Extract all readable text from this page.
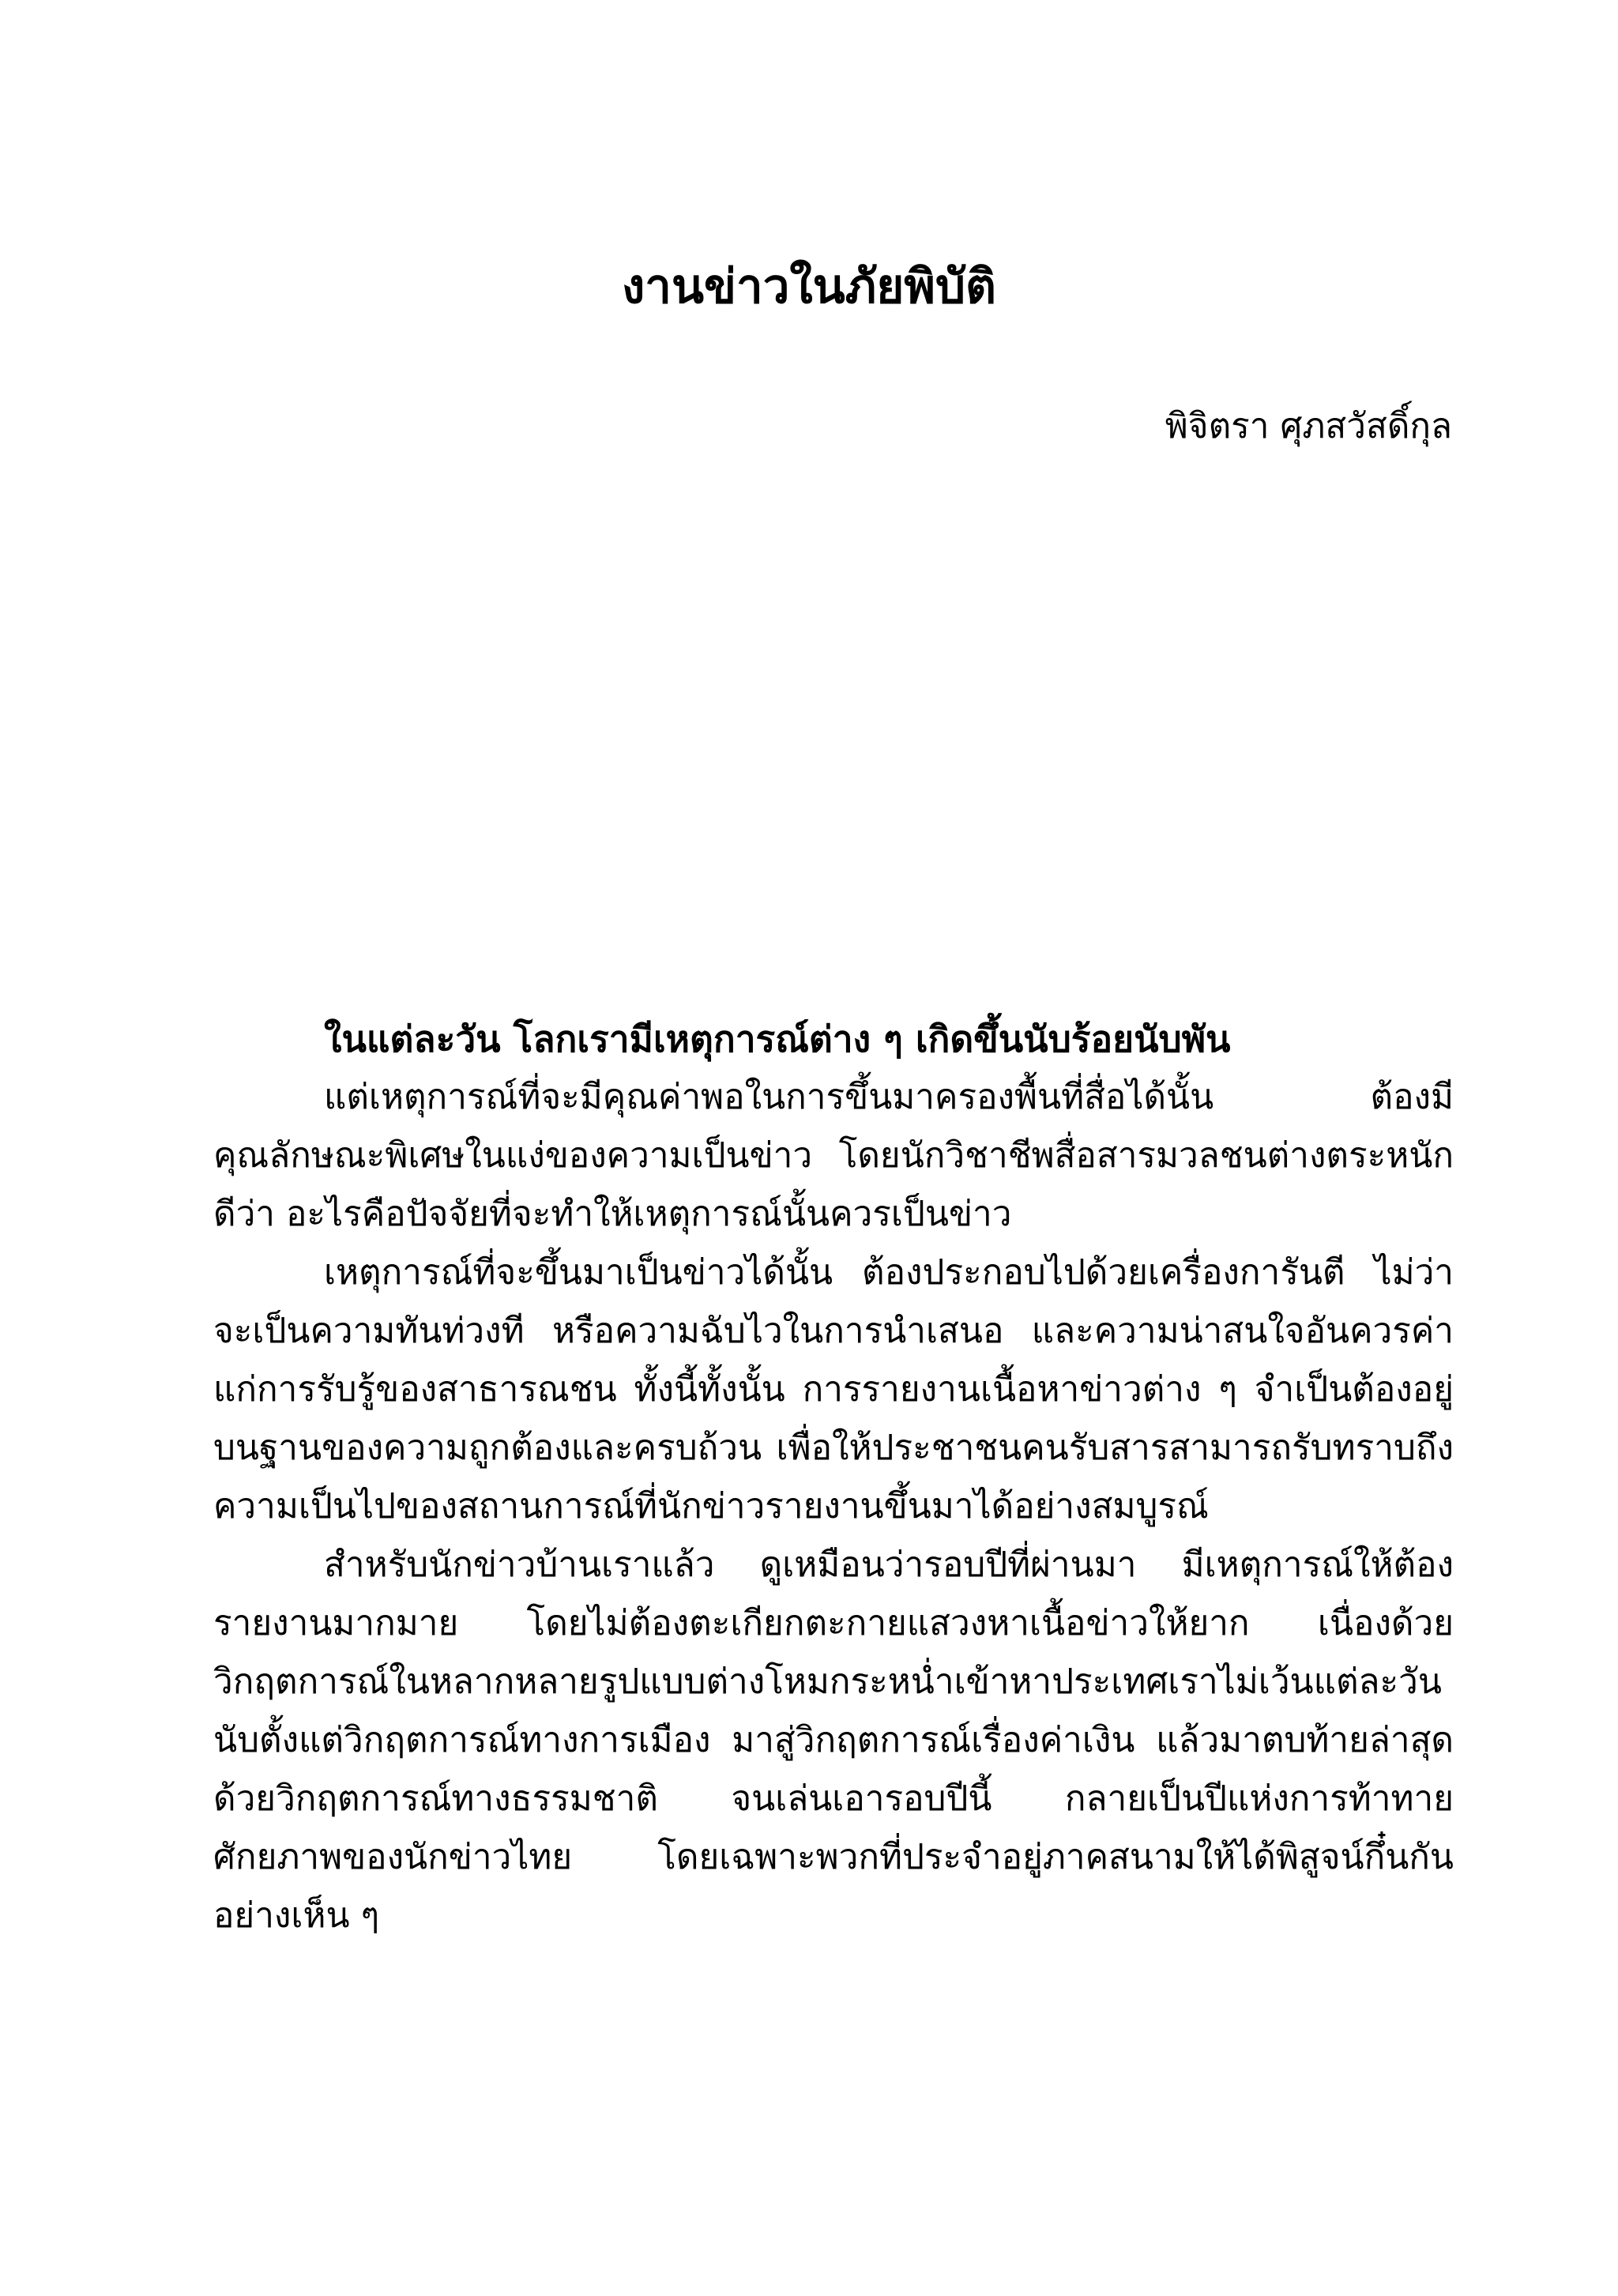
งานข่าวในภัยพิบัติ

พิจิตรา ศุภสวัสดิ์กุล

ในแต่ละวัน โลกเรามีเหตุการณ์ต่าง ๆ เกิดขึ้นนับร้อยนับพัน

แต่เหตุการณ์ที่จะมีคุณค่าพอในการขึ้นมาครองพื้นที่สื่อได้นั้น ต้องมีคุณลักษณะพิเศษในแง่ของความเป็นข่าว โดยนักวิชาชีพสื่อสารมวลชนต่างตระหนักดีว่า อะไรคือปัจจัยที่จะทำให้เหตุการณ์นั้นควรเป็นข่าว

เหตุการณ์ที่จะขึ้นมาเป็นข่าวได้นั้น ต้องประกอบไปด้วยเครื่องการันตี ไม่ว่าจะเป็นความทันท่วงที หรือความฉับไวในการนำเสนอ และความน่าสนใจอันควรค่าแก่การรับรู้ของสาธารณชน ทั้งนี้ทั้งนั้น การรายงานเนื้อหาข่าวต่าง ๆ จำเป็นต้องอยู่บนฐานของความถูกต้องและครบถ้วน เพื่อให้ประชาชนคนรับสารสามารถรับทราบถึงความเป็นไปของสถานการณ์ที่นักข่าวรายงานขึ้นมาได้อย่างสมบูรณ์

สำหรับนักข่าวบ้านเราแล้ว ดูเหมือนว่ารอบปีที่ผ่านมา มีเหตุการณ์ให้ต้องรายงานมากมาย โดยไม่ต้องตะเกียกตะกายแสวงหาเนื้อข่าวให้ยาก เนื่องด้วยวิกฤตการณ์ในหลากหลายรูปแบบต่างโหมกระหน่ำเข้าหาประเทศเราไม่เว้นแต่ละวัน นับตั้งแต่วิกฤตการณ์ทางการเมือง มาสู่วิกฤตการณ์เรื่องค่าเงิน แล้วมาตบท้ายล่าสุดด้วยวิกฤตการณ์ทางธรรมชาติ จนเล่นเอารอบปีนี้ กลายเป็นปีแห่งการท้าทายศักยภาพของนักข่าวไทย โดยเฉพาะพวกที่ประจำอยู่ภาคสนามให้ได้พิสูจน์กึ๋นกันอย่างเห็น ๆ
